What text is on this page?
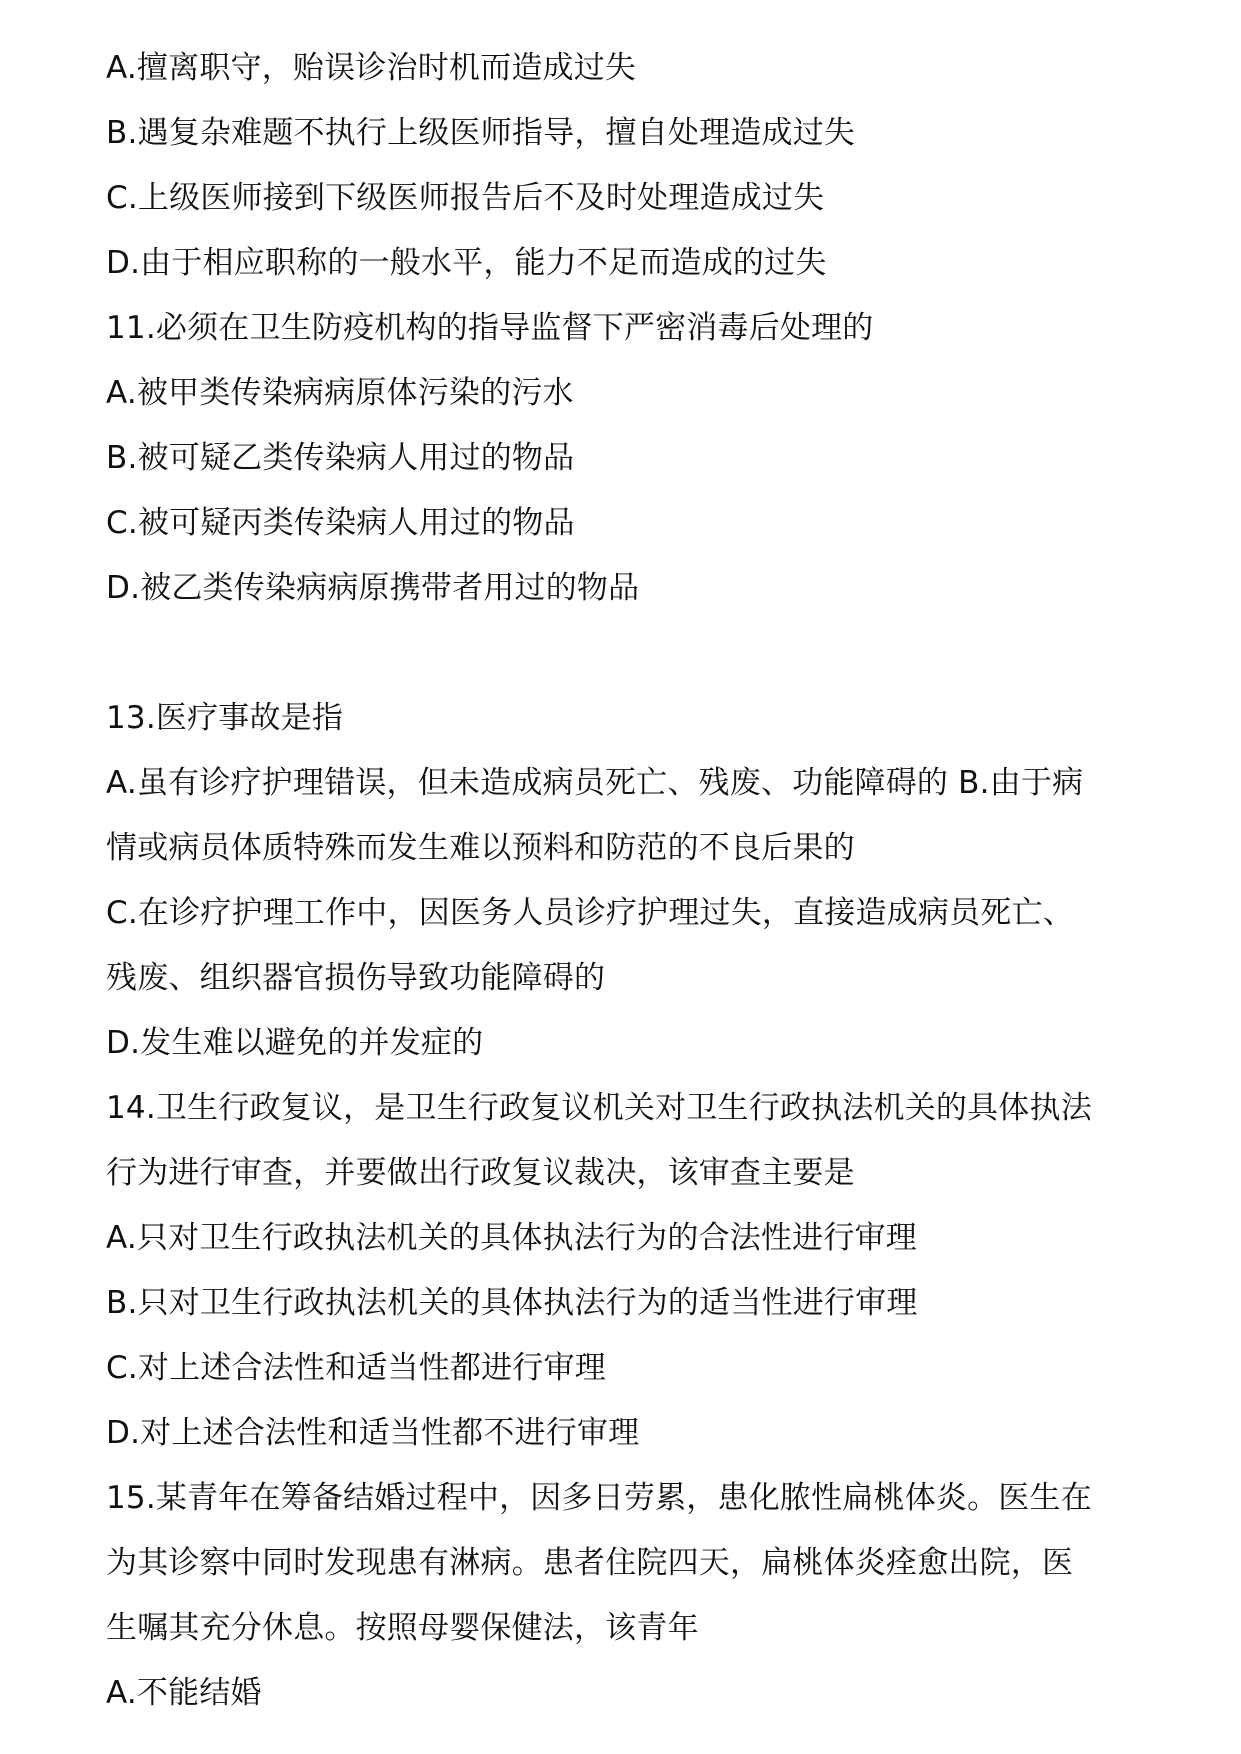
A.擅离职守，贻误诊治时机而造成过失
B.遇复杂难题不执行上级医师指导，擅自处理造成过失
C.上级医师接到下级医师报告后不及时处理造成过失
D.由于相应职称的一般水平，能力不足而造成的过失
11.必须在卫生防疫机构的指导监督下严密消毒后处理的
A.被甲类传染病病原体污染的污水
B.被可疑乙类传染病人用过的物品
C.被可疑丙类传染病人用过的物品
D.被乙类传染病病原携带者用过的物品
13.医疗事故是指
A.虽有诊疗护理错误，但未造成病员死亡、残废、功能障碍的 B.由于病
情或病员体质特殊而发生难以预料和防范的不良后果的
C.在诊疗护理工作中，因医务人员诊疗护理过失，直接造成病员死亡、
残废、组织器官损伤导致功能障碍的
D.发生难以避免的并发症的
14.卫生行政复议，是卫生行政复议机关对卫生行政执法机关的具体执法
行为进行审查，并要做出行政复议裁决，该审查主要是
A.只对卫生行政执法机关的具体执法行为的合法性进行审理
B.只对卫生行政执法机关的具体执法行为的适当性进行审理
C.对上述合法性和适当性都进行审理
D.对上述合法性和适当性都不进行审理
15.某青年在筹备结婚过程中，因多日劳累，患化脓性扁桃体炎。医生在
为其诊察中同时发现患有淋病。患者住院四天，扁桃体炎痊愈出院，医
生嘱其充分休息。按照母婴保健法，该青年
A.不能结婚
